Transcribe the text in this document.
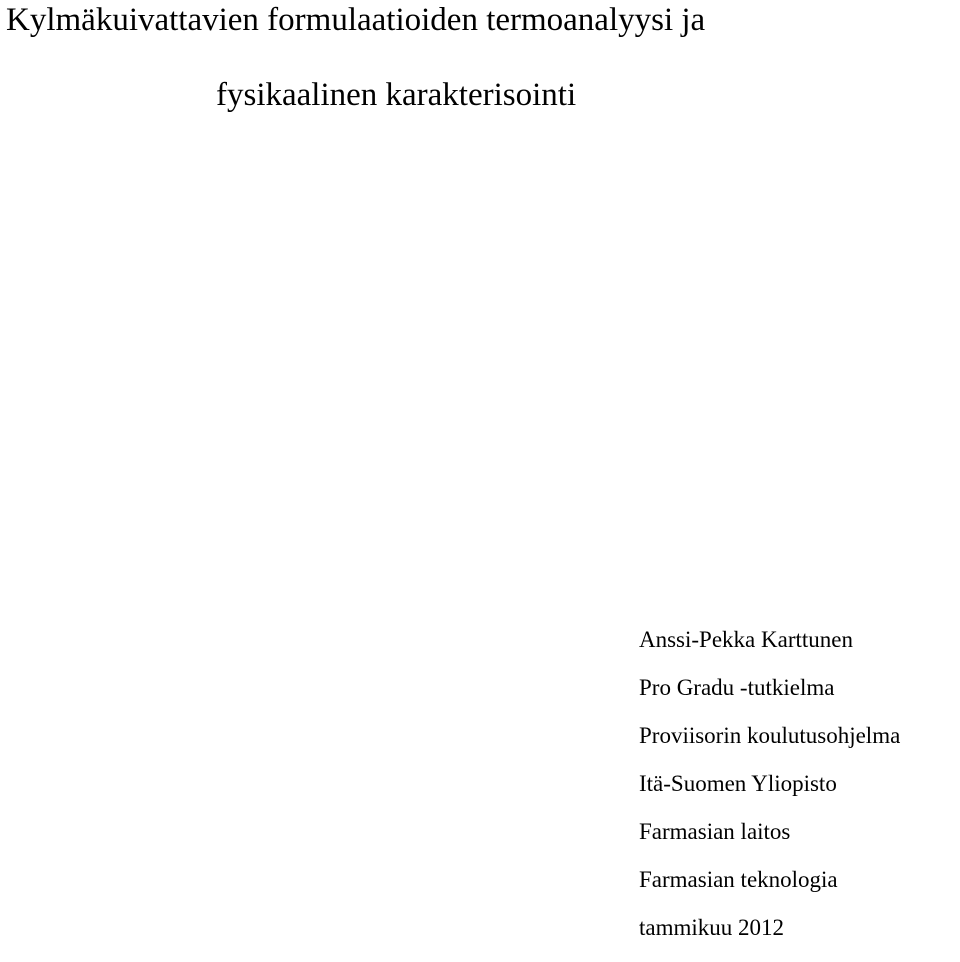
Kylmäkuivattavien formulaatioiden termoanalyysi ja
fysikaalinen karakterisointi

Anssi-Pekka Karttunen

Pro Gradu -tutkielma

Proviisorin koulutusohjelma

Itä-Suomen Yliopisto

Farmasian laitos

Farmasian teknologia

tammikuu 2012
